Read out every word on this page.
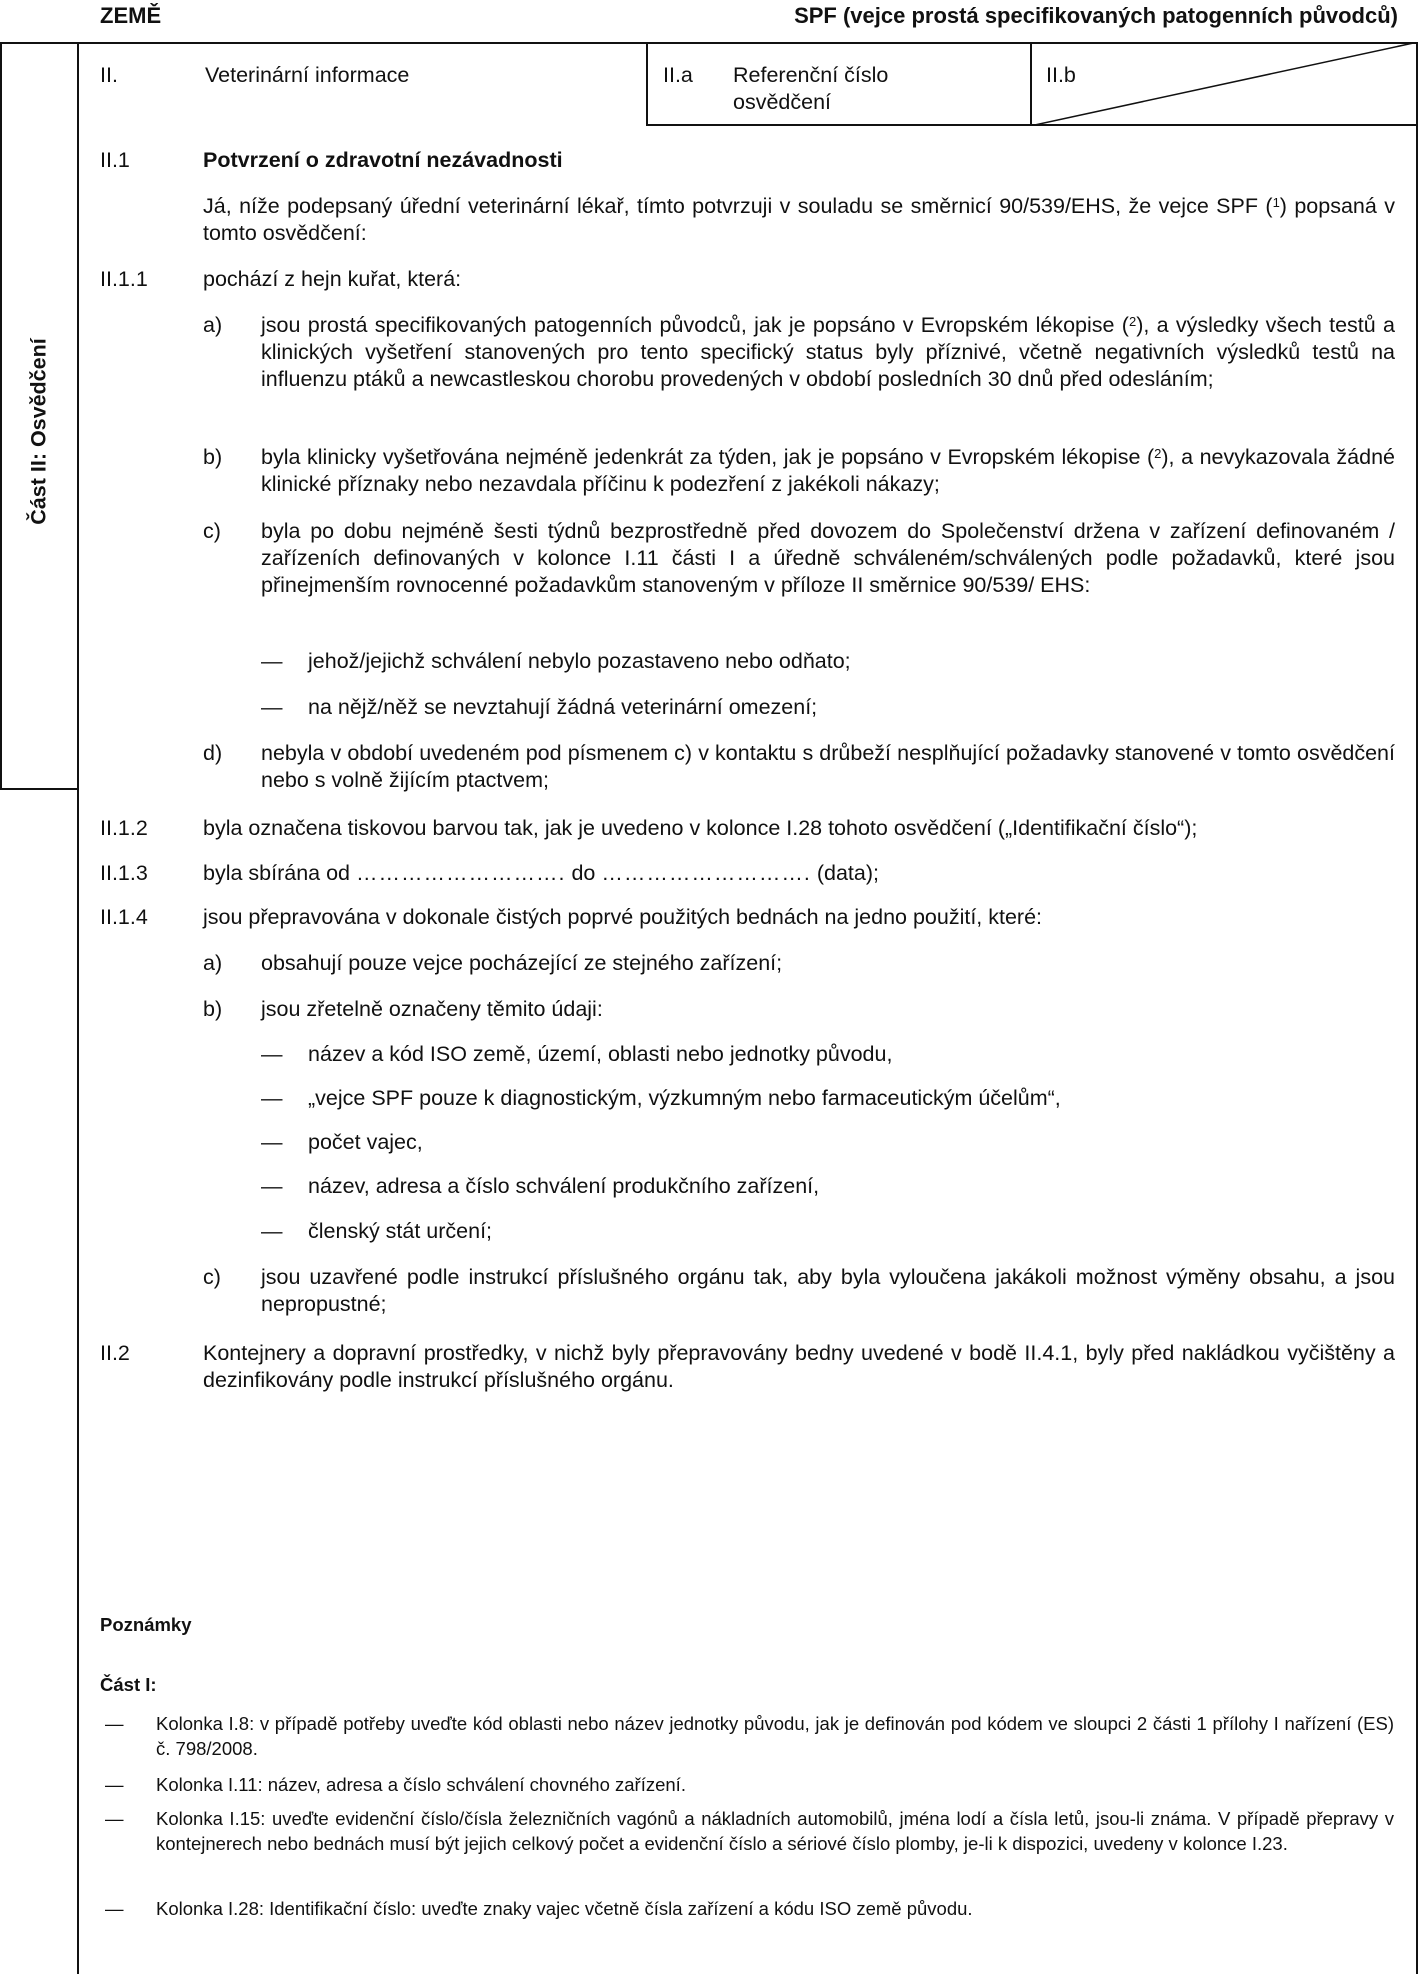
ZEMĚ	SPF (vejce prostá specifikovaných patogenních původců)
II.	Veterinární informace	II.a Referenční číslo
osvědčení
II.b
Část II: Osvědčení
II.1	Potvrzení o zdravotní nezávadnosti
Já, níže podepsaný úřední veterinární lékař, tímto potvrzuji v souladu se směrnicí 90/539/EHS, že vejce SPF ($^1$) popsaná v tomto osvědčení:
II.1.1	pochází z hejn kuřat, která:
a) jsou prostá specifikovaných patogenních původců, jak je popsáno v Evropském lékopise ($^2$), a výsledky všech testů a klinických vyšetření stanovených pro tento specifický status byly příznivé, včetně negativních výsledků testů na influenzu ptáků a newcastleskou chorobu provedených v období posledních 30 dnů před odesláním;
b) byla klinicky vyšetřována nejméně jedenkrát za týden, jak je popsáno v Evropském lékopise ($^2$), a nevykazovala žádné klinické příznaky nebo nezavdala příčinu k podezření z jakékoli nákazy;
c) byla po dobu nejméně šesti týdnů bezprostředně před dovozem do Společenství držena v zařízení definovaném / zařízeních definovaných v kolonce I.11 části I a úředně schváleném/schválených podle požadavků, které jsou přinejmenším rovnocenné požadavkům stanoveným v příloze II směrnice 90/539/ EHS:
— jehož/jejichž schválení nebylo pozastaveno nebo odňato;
— na nějž/něž se nevztahují žádná veterinární omezení;
d) nebyla v období uvedeném pod písmenem c) v kontaktu s drůbeží nesplňující požadavky stanovené v tomto osvědčení nebo s volně žijícím ptactvem;
II.1.2	byla označena tiskovou barvou tak, jak je uvedeno v kolonce I.28 tohoto osvědčení („Identifikační číslo“);
II.1.3	byla sbírána od ………………………. do ………………………. (data);
II.1.4	jsou přepravována v dokonale čistých poprvé použitých bednách na jedno použití, které:
a) obsahují pouze vejce pocházející ze stejného zařízení;
b) jsou zřetelně označeny těmito údaji:
— název a kód ISO země, území, oblasti nebo jednotky původu,
— „vejce SPF pouze k diagnostickým, výzkumným nebo farmaceutickým účelům“,
— počet vajec,
— název, adresa a číslo schválení produkčního zařízení,
— členský stát určení;
c) jsou uzavřené podle instrukcí příslušného orgánu tak, aby byla vyloučena jakákoli možnost výměny obsahu, a jsou nepropustné;
II.2	Kontejnery a dopravní prostředky, v nichž byly přepravovány bedny uvedené v bodě II.4.1, byly před nakládkou vyčištěny a dezinfikovány podle instrukcí příslušného orgánu.
Poznámky
Část I:
— Kolonka I.8: v případě potřeby uveďte kód oblasti nebo název jednotky původu, jak je definován pod kódem ve sloupci 2 části 1 přílohy I nařízení (ES) č. 798/2008.
— Kolonka I.11: název, adresa a číslo schválení chovného zařízení.
— Kolonka I.15: uveďte evidenční číslo/čísla železničních vagónů a nákladních automobilů, jména lodí a čísla letů, jsou-li známa. V případě přepravy v kontejnerech nebo bednách musí být jejich celkový počet a evidenční číslo a sériové číslo plomby, je-li k dispozici, uvedeny v kolonce I.23.
— Kolonka I.28: Identifikační číslo: uveďte znaky vajec včetně čísla zařízení a kódu ISO země původu.
